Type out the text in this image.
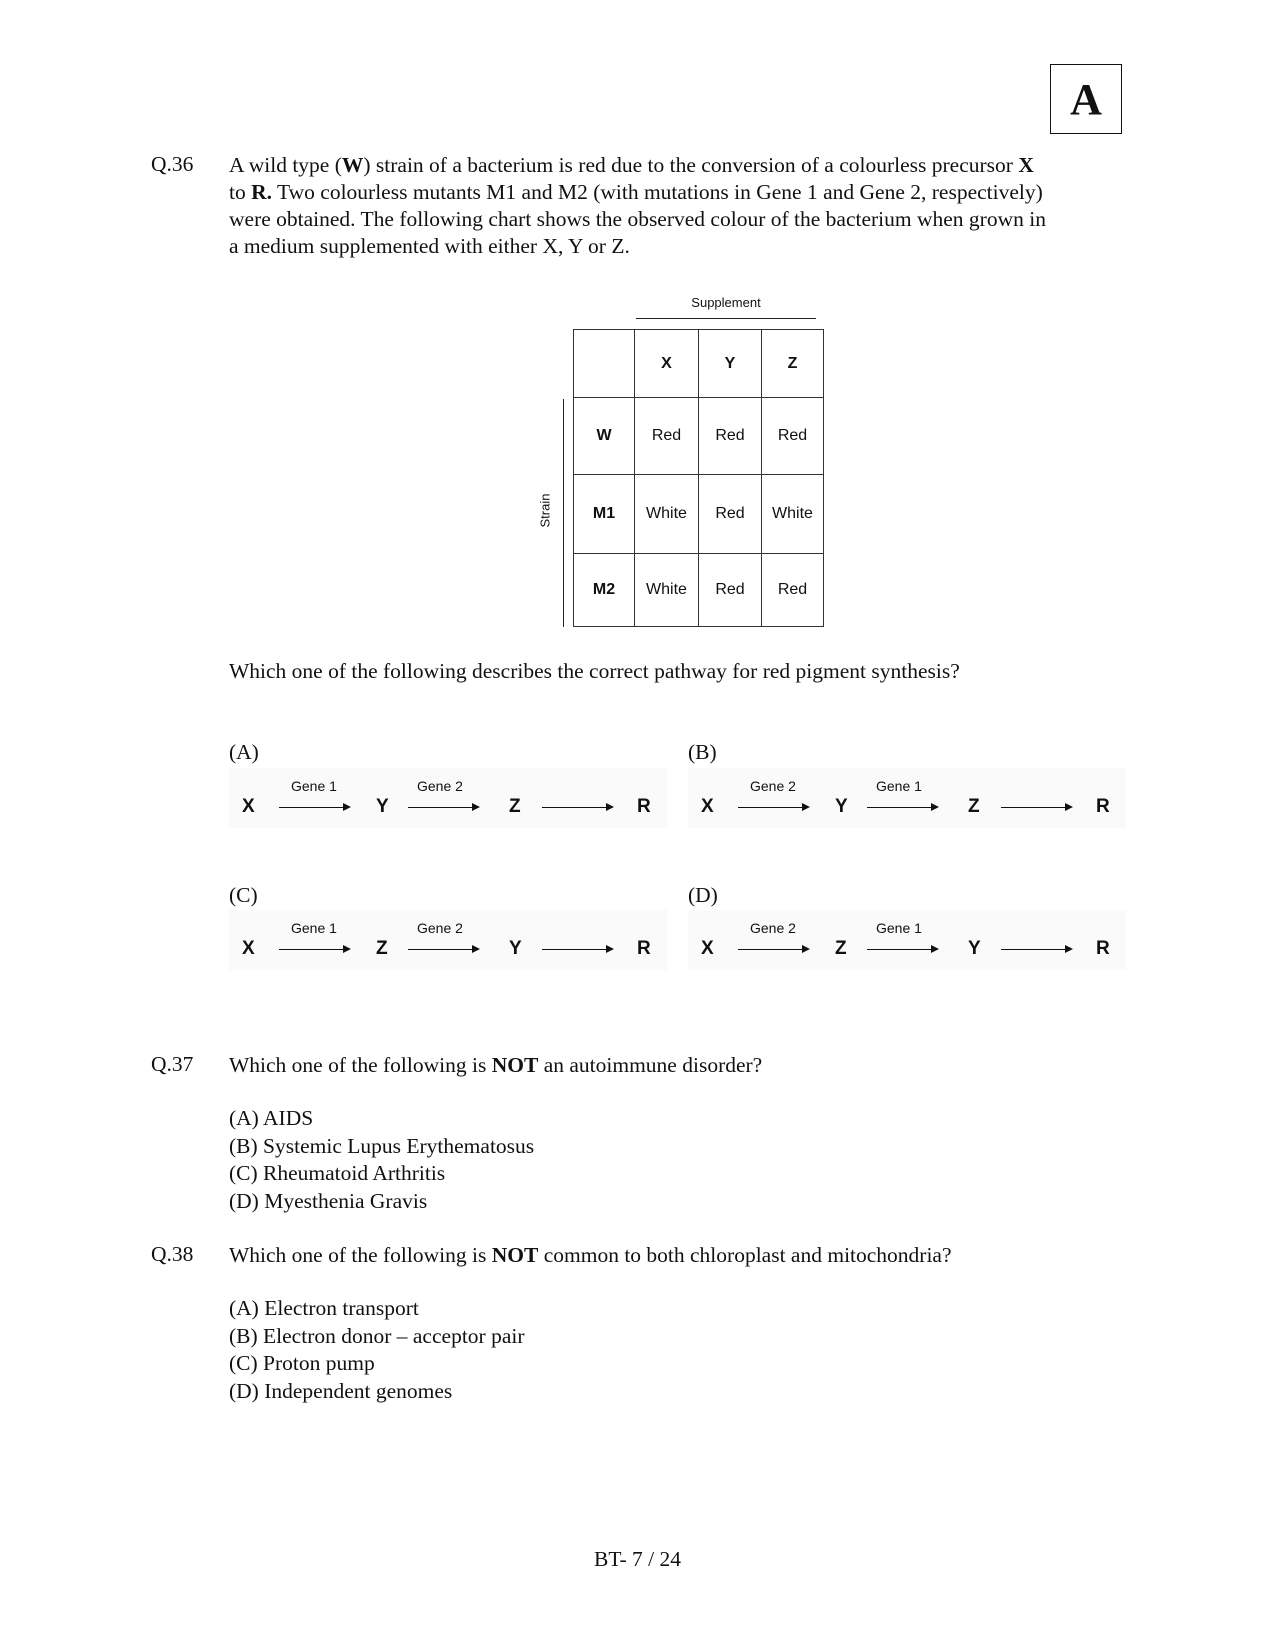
A
Q.36 A wild type (W) strain of a bacterium is red due to the conversion of a colourless precursor X
to R. Two colourless mutants M1 and M2 (with mutations in Gene 1 and Gene 2, respectively)
were obtained. The following chart shows the observed colour of the bacterium when grown in
a medium supplemented with either X, Y or Z.
Supplement
Strain
	X	Y	Z
W	Red	Red	Red
M1	White	Red	White
M2	White	Red	Red
Which one of the following describes the correct pathway for red pigment synthesis?
(A)
X
Gene 1
Y
Gene 2
Z	R
(B)
X
Gene 2
Y
Gene 1
Z	R
(C)
X
Gene 1
Z
Gene 2
Y	R
(D)
X
Gene 2
Z
Gene 1
Y	R
Q.37 Which one of the following is NOT an autoimmune disorder?
(A) AIDS
(B) Systemic Lupus Erythematosus
(C) Rheumatoid Arthritis
(D) Myesthenia Gravis
Q.38 Which one of the following is NOT common to both chloroplast and mitochondria?
(A) Electron transport
(B) Electron donor – acceptor pair
(C) Proton pump
(D) Independent genomes
BT- 7 / 24
